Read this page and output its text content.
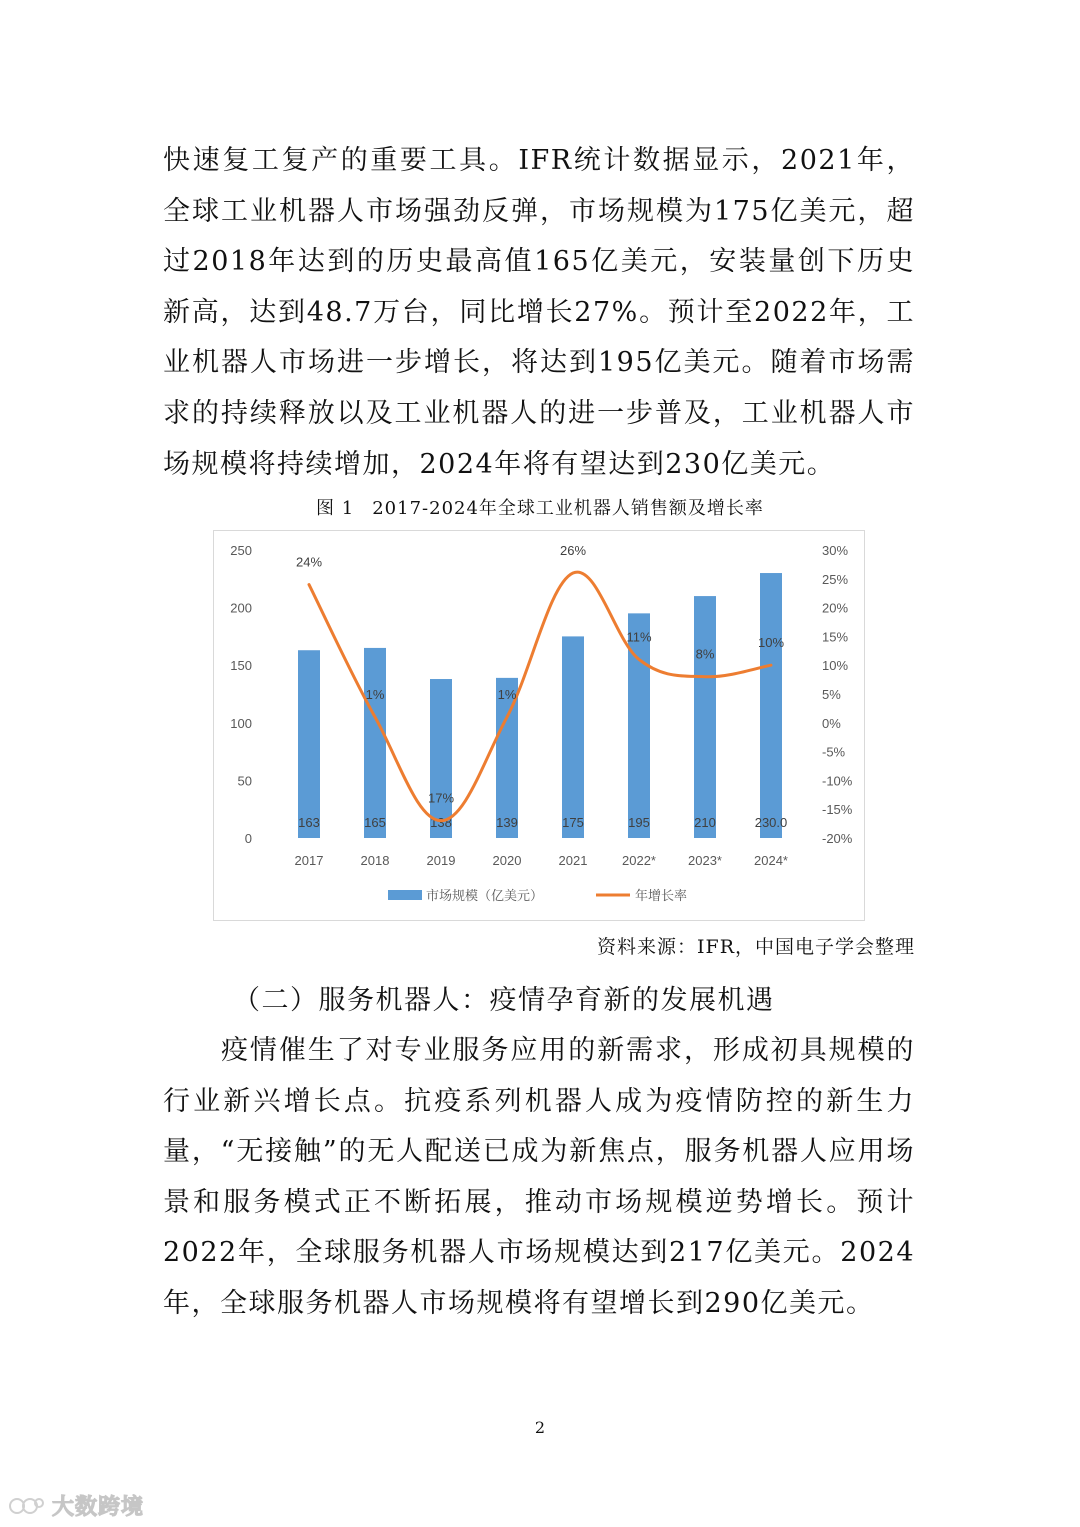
快速复工复产的重要工具。IFR统计数据显示，2021年，全球工业机器人市场强劲反弹，市场规模为175亿美元，超过2018年达到的历史最高值165亿美元，安装量创下历史新高，达到48.7万台，同比增长27%。预计至2022年，工业机器人市场进一步增长，将达到195亿美元。随着市场需求的持续释放以及工业机器人的进一步普及，工业机器人市场规模将持续增加，2024年将有望达到230亿美元。

图 1 2017-2024年全球工业机器人销售额及增长率
0
50
100
150
200
250
-20%
-15%
-10%
-5%
0%
5%
10%
15%
20%
25%
30%
2017	2018	2019	2020	2021	2022* 2023* 2024*
163	165	138	139	175	195	210	230.0
24%
1%
17%
1%
26%
11%
8%
10%
市场规模（亿美元）	年增长率
资料来源：IFR，中国电子学会整理
（二）服务机器人：疫情孕育新的发展机遇

疫情催生了对专业服务应用的新需求，形成初具规模的行业新兴增长点。抗疫系列机器人成为疫情防控的新生力量，“无接触”的无人配送已成为新焦点，服务机器人应用场景和服务模式正不断拓展，推动市场规模逆势增长。预计2022年，全球服务机器人市场规模达到217亿美元。2024年，全球服务机器人市场规模将有望增长到290亿美元。

2
大数跨境
